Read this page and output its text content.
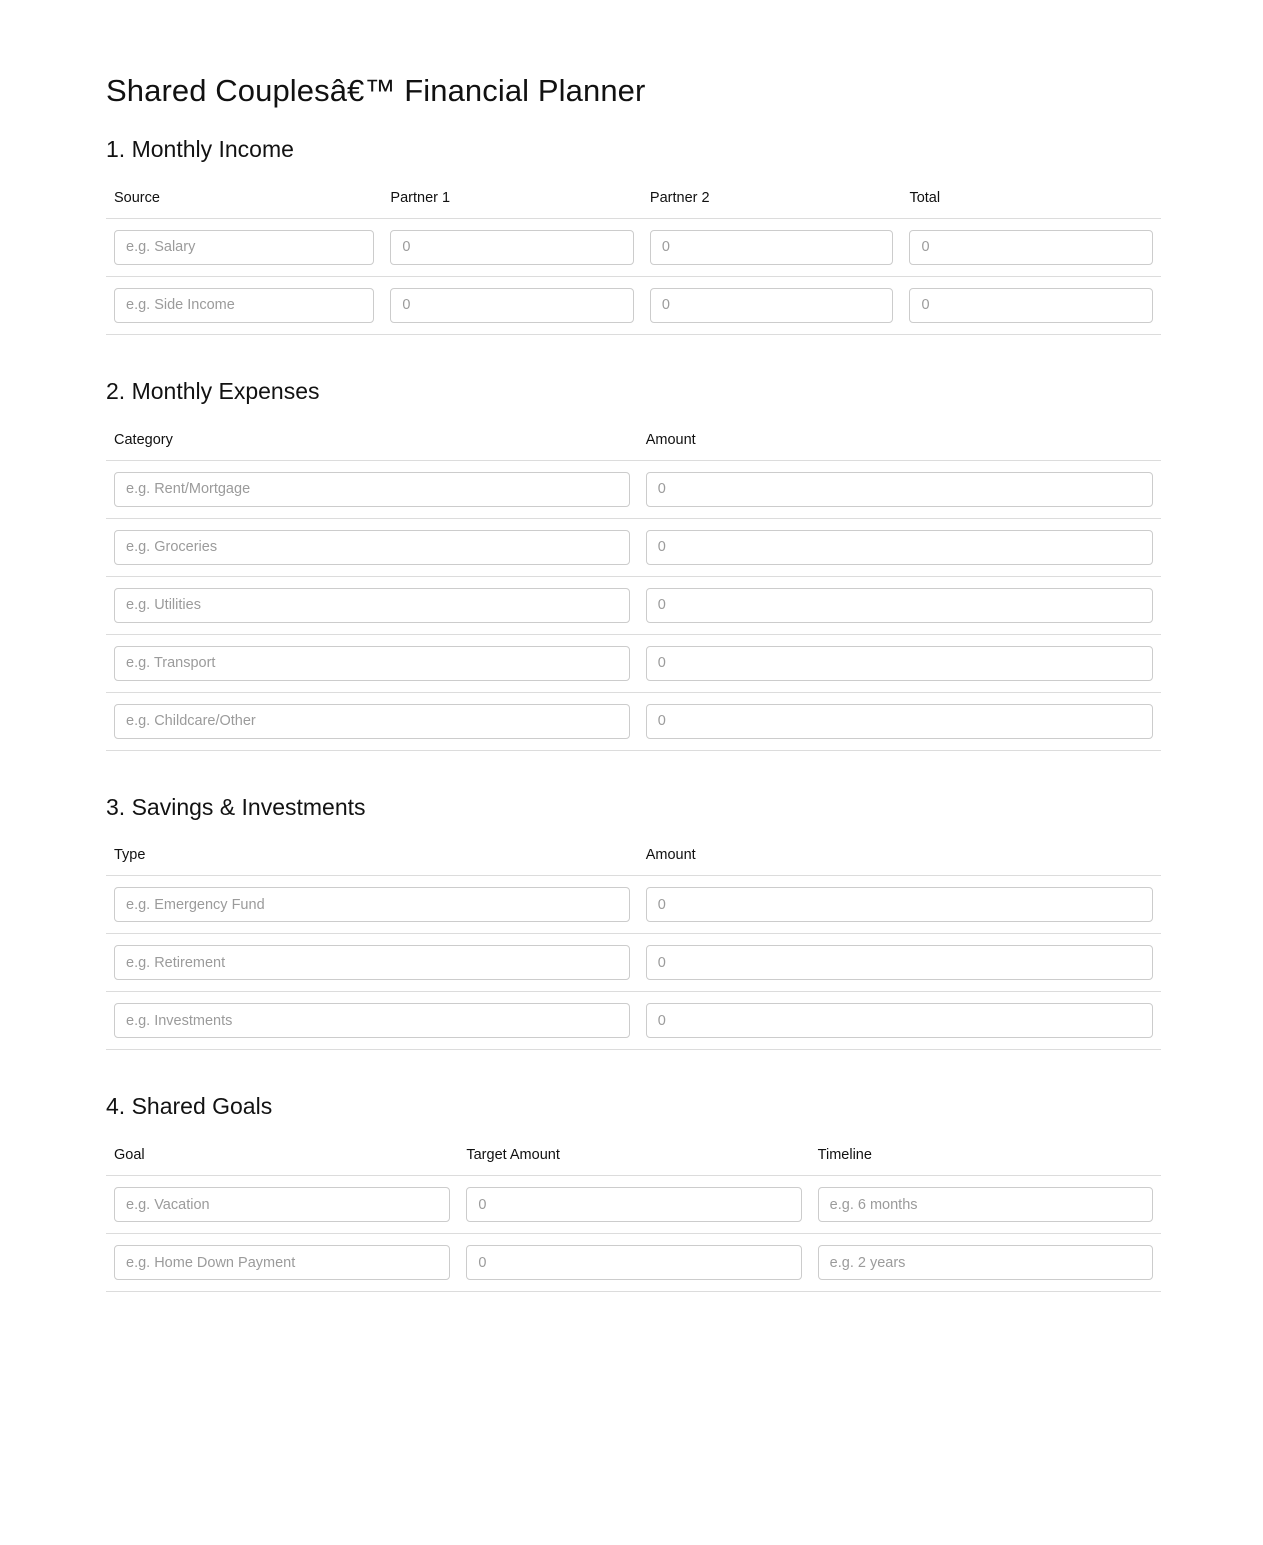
Shared Couplesâ€™ Financial Planner
1. Monthly Income
Source	Partner 1	Partner 2	Total

e.g. Salary	
0	
0	
0

e.g. Side Income	
0	
0	
0
2. Monthly Expenses
Category	Amount

e.g. Rent/Mortgage	
0

e.g. Groceries	
0

e.g. Utilities	
0

e.g. Transport	
0

e.g. Childcare/Other	
0
3. Savings & Investments
Type	Amount

e.g. Emergency Fund	
0

e.g. Retirement	
0

e.g. Investments	
0
4. Shared Goals
Goal	Target Amount	Timeline

e.g. Vacation	
0	
e.g. 6 months

e.g. Home Down Payment	
0	
e.g. 2 years
